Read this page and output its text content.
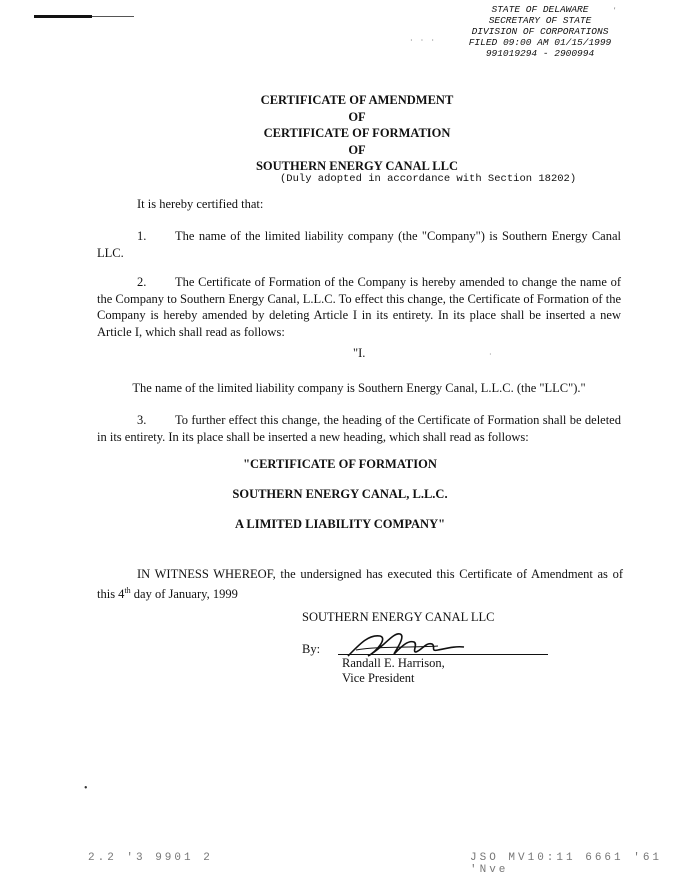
'
· · ·
STATE OF DELAWARE
SECRETARY OF STATE
DIVISION OF CORPORATIONS
FILED 09:00 AM 01/15/1999
991019294 - 2900994
CERTIFICATE OF AMENDMENT
OF
CERTIFICATE OF FORMATION
OF
SOUTHERN ENERGY CANAL LLC
(Duly adopted in accordance with Section 18202)
It is hereby certified that:
1. The name of the limited liability company (the "Company") is Southern Energy Canal LLC.
2. The Certificate of Formation of the Company is hereby amended to change the name of the Company to Southern Energy Canal, L.L.C. To effect this change, the Certificate of Formation of the Company is hereby amended by deleting Article I in its entirety. In its place shall be inserted a new Article I, which shall read as follows:
"I.	·
The name of the limited liability company is Southern Energy Canal, L.L.C. (the "LLC")."
3. To further effect this change, the heading of the Certificate of Formation shall be deleted in its entirety. In its place shall be inserted a new heading, which shall read as follows:
"CERTIFICATE OF FORMATION
SOUTHERN ENERGY CANAL, L.L.C.
A LIMITED LIABILITY COMPANY"
IN WITNESS WHEREOF, the undersigned has executed this Certificate of Amendment as of this 4th day of January, 1999
SOUTHERN ENERGY CANAL LLC
By:
Randall E. Harrison,
Vice President
•
2.2 '3 9901 2	JSO MV10:11 6661 '61 'Nve
